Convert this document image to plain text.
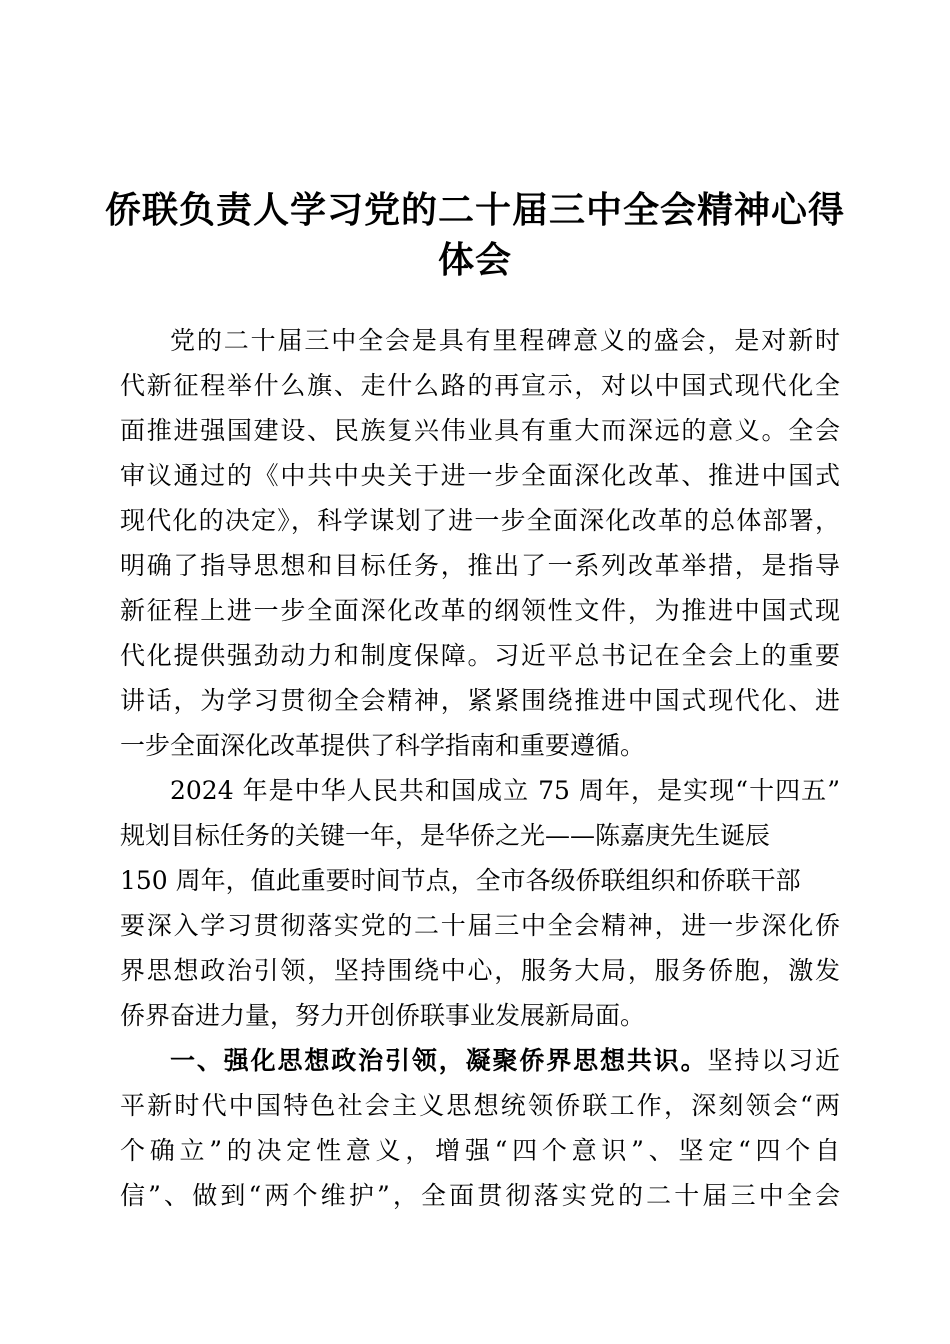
侨联负责人学习党的二十届三中全会精神心得
体会

党的二十届三中全会是具有里程碑意义的盛会，是对新时
代新征程举什么旗、走什么路的再宣示，对以中国式现代化全
面推进强国建设、民族复兴伟业具有重大而深远的意义。全会
审议通过的《中共中央关于进一步全面深化改革、推进中国式
现代化的决定》，科学谋划了进一步全面深化改革的总体部署，
明确了指导思想和目标任务，推出了一系列改革举措，是指导
新征程上进一步全面深化改革的纲领性文件，为推进中国式现
代化提供强劲动力和制度保障。习近平总书记在全会上的重要
讲话，为学习贯彻全会精神，紧紧围绕推进中国式现代化、进
一步全面深化改革提供了科学指南和重要遵循。

2024 年是中华人民共和国成立 75 周年，是实现“十四五”
规划目标任务的关键一年，是华侨之光——陈嘉庚先生诞辰
150 周年，值此重要时间节点，全市各级侨联组织和侨联干部
要深入学习贯彻落实党的二十届三中全会精神，进一步深化侨
界思想政治引领，坚持围绕中心，服务大局，服务侨胞，激发
侨界奋进力量，努力开创侨联事业发展新局面。

一、强化思想政治引领，凝聚侨界思想共识。坚持以习近
平新时代中国特色社会主义思想统领侨联工作，深刻领会“两
个确立”的决定性意义，增强“四个意识”、坚定“四个自
信”、做到“两个维护”，全面贯彻落实党的二十届三中全会
